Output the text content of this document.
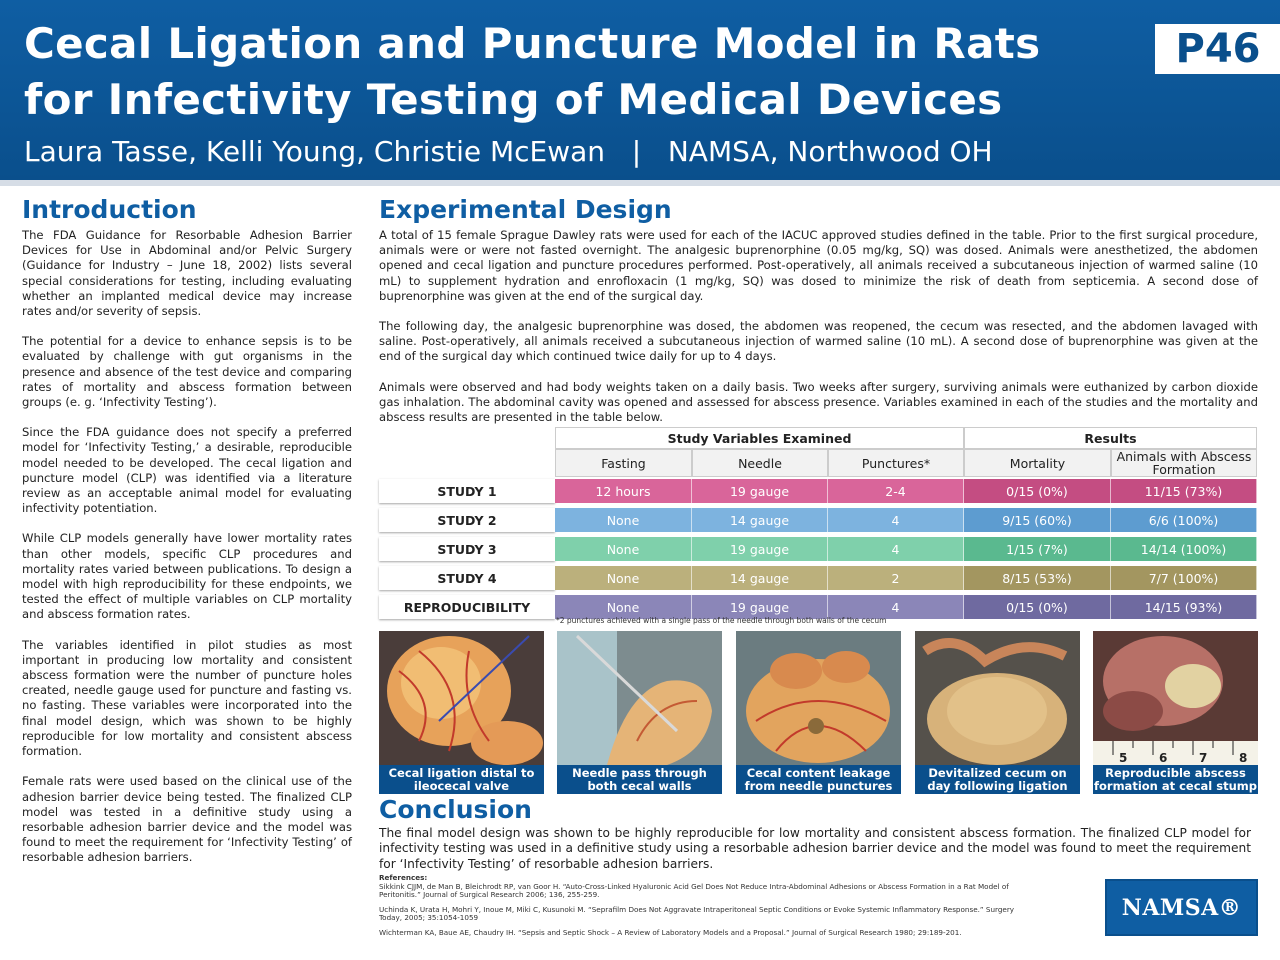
Cecal Ligation and Puncture Model in Rats
for Infectivity Testing of Medical Devices
Laura Tasse, Kelli Young, Christie McEwan   |   NAMSA, Northwood OH
P46
Introduction

The FDA Guidance for Resorbable Adhesion Barrier Devices for Use in Abdominal and/or Pelvic Surgery (Guidance for Industry – June 18, 2002) lists several special considerations for testing, including evaluating whether an implanted medical device may increase rates and/or severity of sepsis.

The potential for a device to enhance sepsis is to be evaluated by challenge with gut organisms in the presence and absence of the test device and comparing rates of mortality and abscess formation between groups (e. g. ‘Infectivity Testing’).

Since the FDA guidance does not specify a preferred model for ‘Infectivity Testing,’ a desirable, reproducible model needed to be developed. The cecal ligation and puncture model (CLP) was identified via a literature review as an acceptable animal model for evaluating infectivity potentiation.

While CLP models generally have lower mortality rates than other models, specific CLP procedures and mortality rates varied between publications. To design a model with high reproducibility for these endpoints, we tested the effect of multiple variables on CLP mortality and abscess formation rates.

The variables identified in pilot studies as most important in producing low mortality and consistent abscess formation were the number of puncture holes created, needle gauge used for puncture and fasting vs. no fasting. These variables were incorporated into the final model design, which was shown to be highly reproducible for low mortality and consistent abscess formation.

Female rats were used based on the clinical use of the adhesion barrier device being tested. The finalized CLP model was tested in a definitive study using a resorbable adhesion barrier device and the model was found to meet the requirement for ‘Infectivity Testing’ of resorbable adhesion barriers.

Experimental Design

A total of 15 female Sprague Dawley rats were used for each of the IACUC approved studies defined in the table. Prior to the first surgical procedure, animals were or were not fasted overnight. The analgesic buprenorphine (0.05 mg/kg, SQ) was dosed. Animals were anesthetized, the abdomen opened and cecal ligation and puncture procedures performed. Post-operatively, all animals received a subcutaneous injection of warmed saline (10 mL) to supplement hydration and enrofloxacin (1 mg/kg, SQ) was dosed to minimize the risk of death from septicemia. A second dose of buprenorphine was given at the end of the surgical day.

The following day, the analgesic buprenorphine was dosed, the abdomen was reopened, the cecum was resected, and the abdomen lavaged with saline. Post-operatively, all animals received a subcutaneous injection of warmed saline (10 mL). A second dose of buprenorphine was given at the end of the surgical day which continued twice daily for up to 4 days.

Animals were observed and had body weights taken on a daily basis. Two weeks after surgery, surviving animals were euthanized by carbon dioxide gas inhalation. The abdominal cavity was opened and assessed for abscess presence. Variables examined in each of the studies and the mortality and abscess results are presented in the table below.

	Study Variables Examined			Results	
	Fasting	Needle	Punctures*	Mortality	Animals with Abscess Formation

STUDY 1	12 hours	19 gauge	2-4	0/15 (0%)	11/15 (73%)

STUDY 2	None	14 gauge	4	9/15 (60%)	6/6 (100%)

STUDY 3	None	19 gauge	4	1/15 (7%)	14/14 (100%)

STUDY 4	None	14 gauge	2	8/15 (53%)	7/7 (100%)

REPRODUCIBILITY	None	19 gauge	4	0/15 (0%)	14/15 (93%)
*2 punctures achieved with a single pass of the needle through both walls of the cecum
Cecal ligation distal to ileocecal valve
Needle pass through both cecal walls
Cecal content leakage from needle punctures
Devitalized cecum on day following ligation
5	6	7	8
Reproducible abscess formation at cecal stump
Conclusion

The final model design was shown to be highly reproducible for low mortality and consistent abscess formation. The finalized CLP model for infectivity testing was used in a definitive study using a resorbable adhesion barrier device and the model was found to meet the requirement for ‘Infectivity Testing’ of resorbable adhesion barriers.

References:
Sikkink CJJM, de Man B, Bleichrodt RP, van Goor H. “Auto-Cross-Linked Hyaluronic Acid Gel Does Not Reduce Intra-Abdominal Adhesions or Abscess Formation in a Rat Model of Peritonitis.” Journal of Surgical Research 2006; 136, 255-259.
Uchinda K, Urata H, Mohri Y, Inoue M, Miki C, Kusunoki M. “Seprafilm Does Not Aggravate Intraperitoneal Septic Conditions or Evoke Systemic Inflammatory Response.” Surgery Today, 2005; 35:1054-1059
Wichterman KA, Baue AE, Chaudry IH. “Sepsis and Septic Shock – A Review of Laboratory Models and a Proposal.” Journal of Surgical Research 1980; 29:189-201.
NAMSA®
